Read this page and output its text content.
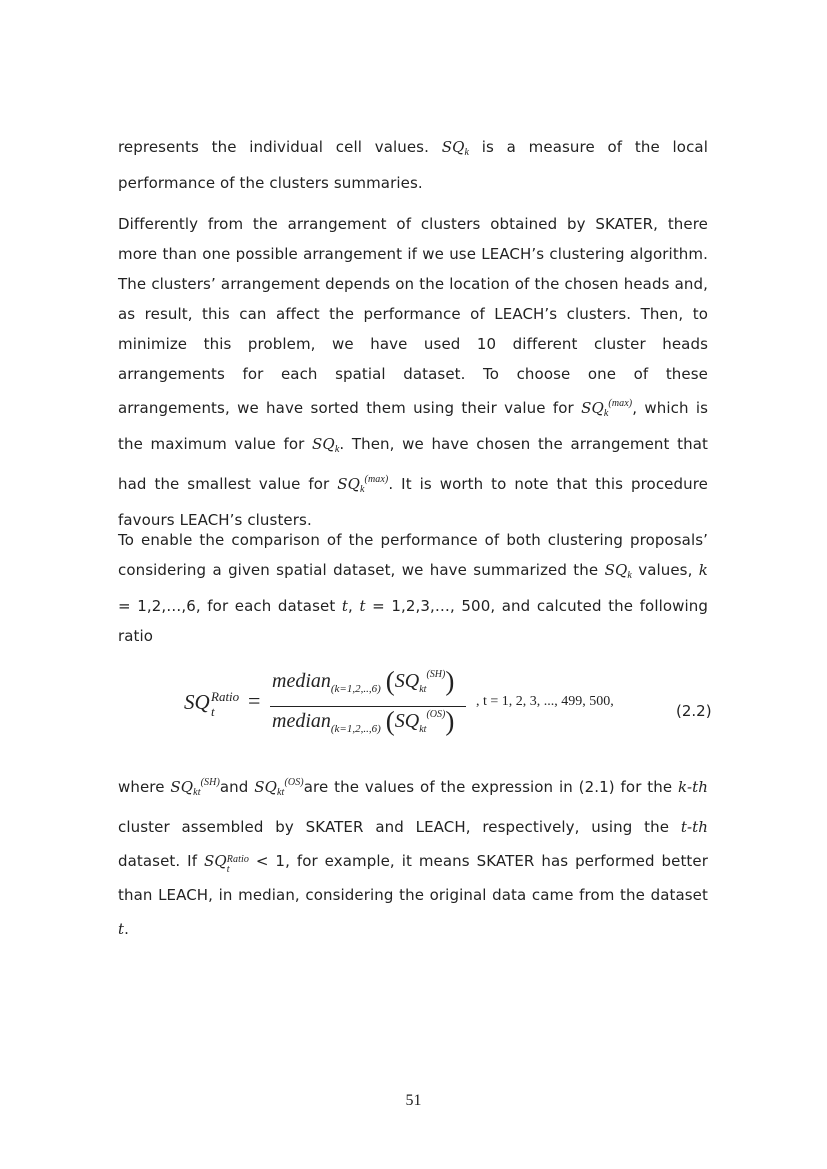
represents the individual cell values. $SQ_k$ is a measure of the local performance of the clusters summaries.

Differently from the arrangement of clusters obtained by SKATER, there more than one possible arrangement if we use LEACH’s clustering algorithm. The clusters’ arrangement depends on the location of the chosen heads and, as result, this can affect the performance of LEACH’s clusters. Then, to minimize this problem, we have used 10 different cluster heads arrangements for each spatial dataset. To choose one of these arrangements, we have sorted them using their value for $SQ_k^{(max)}$, which is the maximum value for $SQ_k$. Then, we have chosen the arrangement that had the smallest value for $SQ_k^{(max)}$. It is worth to note that this procedure favours LEACH’s clusters.

To enable the comparison of the performance of both clustering proposals’ considering a given spatial dataset, we have summarized the $SQ_k$ values, k = 1,2,…,6, for each dataset t, t = 1,2,3,…, 500, and calcuted the following ratio

SQ Ratio
t =
median$_{(k=1,2,..,6)}$ $(SQ_{kt}^{(SH)})$
median$_{(k=1,2,..,6)}$ $(SQ_{kt}^{(OS)})$
, t = 1, 2, 3, ..., 499, 500,
(2.2)

where $SQ_{kt}^{(SH)}and$ $SQ_{kt}^{(OS)}are$ the values of the expression in (2.1) for the k-th cluster assembled by SKATER and LEACH, respectively, using the t-th dataset. If SQ Ratio
t	< 1, for example, it means SKATER has performed better than LEACH, in median, considering the original data came from the dataset t.

51
